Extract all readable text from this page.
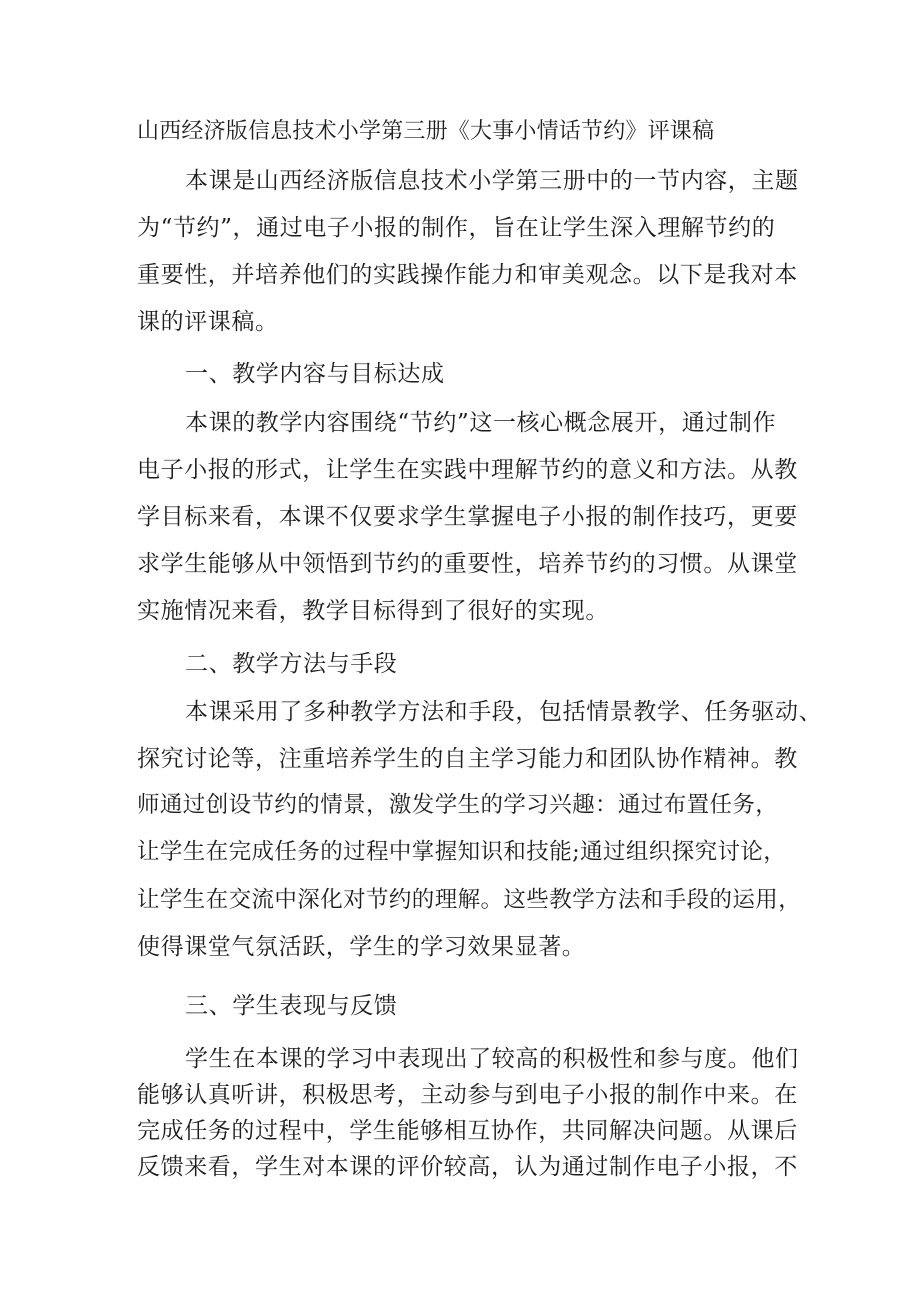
山西经济版信息技术小学第三册《大事小情话节约》评课稿
本课是山西经济版信息技术小学第三册中的一节内容，主题
为“节约”，通过电子小报的制作，旨在让学生深入理解节约的
重要性，并培养他们的实践操作能力和审美观念。以下是我对本
课的评课稿。
一、教学内容与目标达成
本课的教学内容围绕“节约”这一核心概念展开，通过制作
电子小报的形式，让学生在实践中理解节约的意义和方法。从教
学目标来看，本课不仅要求学生掌握电子小报的制作技巧，更要
求学生能够从中领悟到节约的重要性，培养节约的习惯。从课堂
实施情况来看，教学目标得到了很好的实现。
二、教学方法与手段
本课采用了多种教学方法和手段，包括情景教学、任务驱动、
探究讨论等，注重培养学生的自主学习能力和团队协作精神。教
师通过创设节约的情景，激发学生的学习兴趣：通过布置任务，
让学生在完成任务的过程中掌握知识和技能;通过组织探究讨论，
让学生在交流中深化对节约的理解。这些教学方法和手段的运用，
使得课堂气氛活跃，学生的学习效果显著。
三、学生表现与反馈
学生在本课的学习中表现出了较高的积极性和参与度。他们
能够认真听讲，积极思考，主动参与到电子小报的制作中来。在
完成任务的过程中，学生能够相互协作，共同解决问题。从课后
反馈来看，学生对本课的评价较高，认为通过制作电子小报，不
